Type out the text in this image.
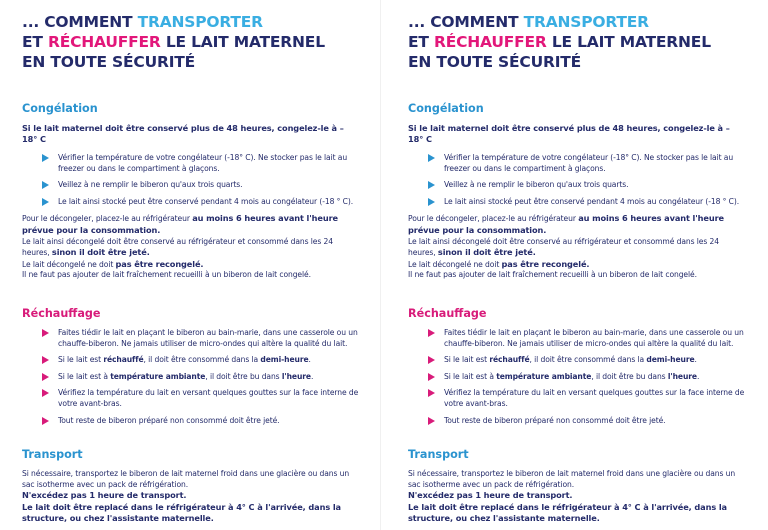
... COMMENT TRANSPORTER
ET RÉCHAUFFER LE LAIT MATERNEL
EN TOUTE SÉCURITÉ
Congélation
Si le lait maternel doit être conservé plus de 48 heures, congelez-le à – 18° C
Vérifier la température de votre congélateur (-18° C). Ne stocker pas le lait au freezer ou dans le compartiment à glaçons.
Veillez à ne remplir le biberon qu'aux trois quarts.
Le lait ainsi stocké peut être conservé pendant 4 mois au congélateur (-18 ° C).
Pour le décongeler, placez-le au réfrigérateur au moins 6 heures avant l'heure prévue pour la consommation.
Le lait ainsi décongelé doit être conservé au réfrigérateur et consommé dans les 24 heures, sinon il doit être jeté.
Le lait décongelé ne doit pas être recongelé.
Il ne faut pas ajouter de lait fraîchement recueilli à un biberon de lait congelé.
Réchauffage
Faites tiédir le lait en plaçant le biberon au bain-marie, dans une casserole ou un chauffe-biberon. Ne jamais utiliser de micro-ondes qui altère la qualité du lait.
Si le lait est réchauffé, il doit être consommé dans la demi-heure.
Si le lait est à température ambiante, il doit être bu dans l'heure.
Vérifiez la température du lait en versant quelques gouttes sur la face interne de votre avant-bras.
Tout reste de biberon préparé non consommé doit être jeté.
Transport
Si nécessaire, transportez le biberon de lait maternel froid dans une glacière ou dans un sac isotherme avec un pack de réfrigération.
N'excédez pas 1 heure de transport.
Le lait doit être replacé dans le réfrigérateur à 4° C à l'arrivée, dans la structure, ou chez l'assistante maternelle.
... COMMENT TRANSPORTER
ET RÉCHAUFFER LE LAIT MATERNEL
EN TOUTE SÉCURITÉ
Congélation
Si le lait maternel doit être conservé plus de 48 heures, congelez-le à – 18° C
Vérifier la température de votre congélateur (-18° C). Ne stocker pas le lait au freezer ou dans le compartiment à glaçons.
Veillez à ne remplir le biberon qu'aux trois quarts.
Le lait ainsi stocké peut être conservé pendant 4 mois au congélateur (-18 ° C).
Pour le décongeler, placez-le au réfrigérateur au moins 6 heures avant l'heure prévue pour la consommation.
Le lait ainsi décongelé doit être conservé au réfrigérateur et consommé dans les 24 heures, sinon il doit être jeté.
Le lait décongelé ne doit pas être recongelé.
Il ne faut pas ajouter de lait fraîchement recueilli à un biberon de lait congelé.
Réchauffage
Faites tiédir le lait en plaçant le biberon au bain-marie, dans une casserole ou un chauffe-biberon. Ne jamais utiliser de micro-ondes qui altère la qualité du lait.
Si le lait est réchauffé, il doit être consommé dans la demi-heure.
Si le lait est à température ambiante, il doit être bu dans l'heure.
Vérifiez la température du lait en versant quelques gouttes sur la face interne de votre avant-bras.
Tout reste de biberon préparé non consommé doit être jeté.
Transport
Si nécessaire, transportez le biberon de lait maternel froid dans une glacière ou dans un sac isotherme avec un pack de réfrigération.
N'excédez pas 1 heure de transport.
Le lait doit être replacé dans le réfrigérateur à 4° C à l'arrivée, dans la structure, ou chez l'assistante maternelle.
